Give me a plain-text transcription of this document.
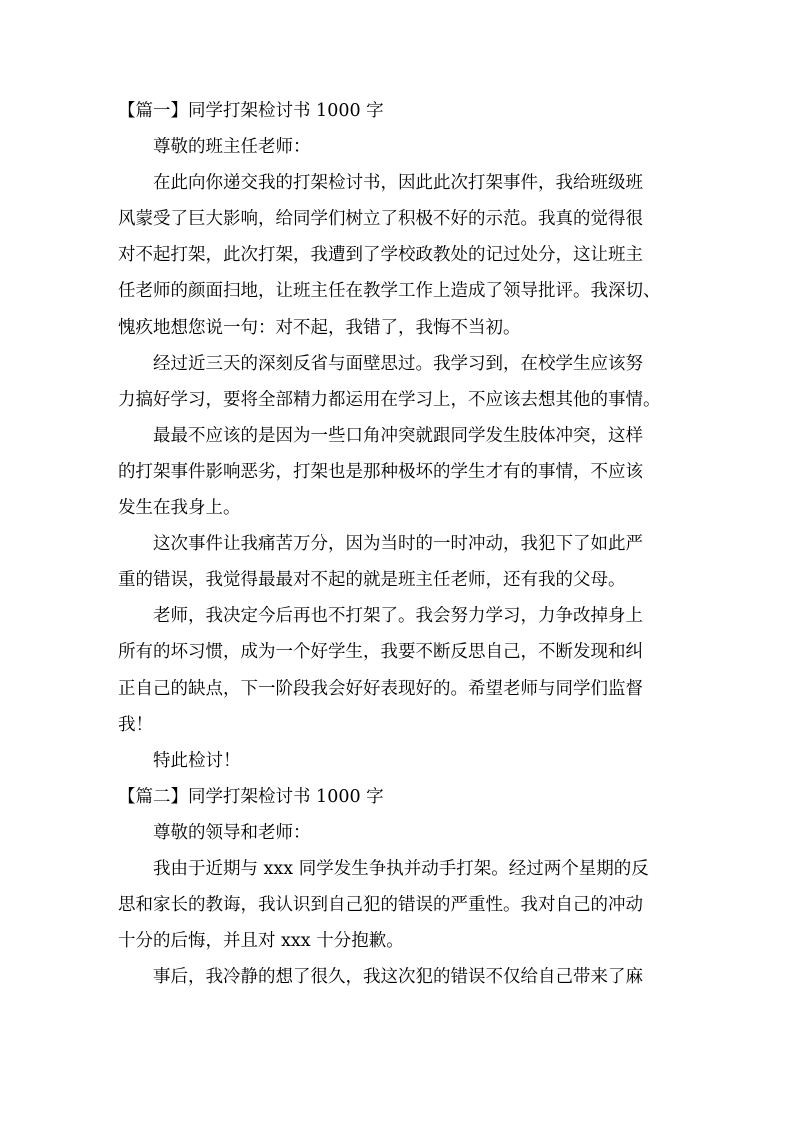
【篇一】同学打架检讨书 1000 字
尊敬的班主任老师：
在此向你递交我的打架检讨书，因此此次打架事件，我给班级班
风蒙受了巨大影响，给同学们树立了积极不好的示范。我真的觉得很
对不起打架，此次打架，我遭到了学校政教处的记过处分，这让班主
任老师的颜面扫地，让班主任在教学工作上造成了领导批评。我深切、
愧疚地想您说一句：对不起，我错了，我悔不当初。
经过近三天的深刻反省与面壁思过。我学习到，在校学生应该努
力搞好学习，要将全部精力都运用在学习上，不应该去想其他的事情。
最最不应该的是因为一些口角冲突就跟同学发生肢体冲突，这样
的打架事件影响恶劣，打架也是那种极坏的学生才有的事情，不应该
发生在我身上。
这次事件让我痛苦万分，因为当时的一时冲动，我犯下了如此严
重的错误，我觉得最最对不起的就是班主任老师，还有我的父母。
老师，我决定今后再也不打架了。我会努力学习，力争改掉身上
所有的坏习惯，成为一个好学生，我要不断反思自己，不断发现和纠
正自己的缺点，下一阶段我会好好表现好的。希望老师与同学们监督
我！
特此检讨！
【篇二】同学打架检讨书 1000 字
尊敬的领导和老师：
我由于近期与 xxx 同学发生争执并动手打架。经过两个星期的反
思和家长的教诲，我认识到自己犯的错误的严重性。我对自己的冲动
十分的后悔，并且对 xxx 十分抱歉。
事后，我冷静的想了很久，我这次犯的错误不仅给自己带来了麻
